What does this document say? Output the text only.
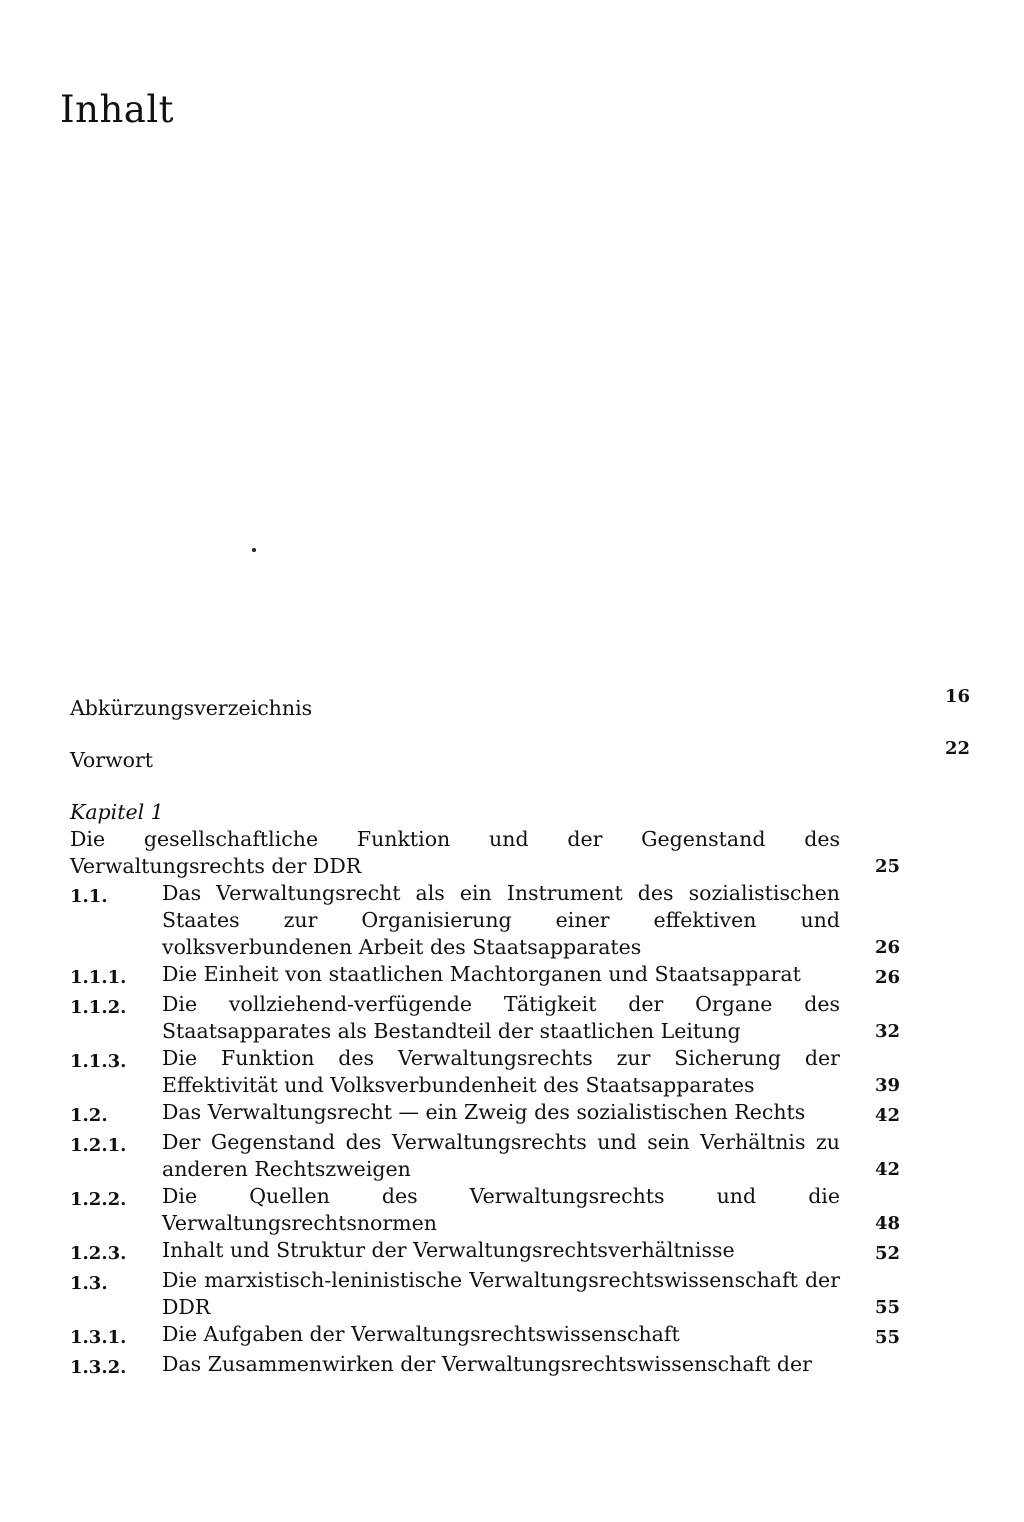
Inhalt
Abkürzungsverzeichnis	16
Vorwort	22
Kapitel 1
Die gesellschaftliche Funktion und der Gegenstand des Verwaltungsrechts der DDR	25
1.1.	Das Verwaltungsrecht als ein Instrument des sozialistischen Staates zur Organisierung einer effektiven und volksverbundenen Arbeit des Staatsapparates	26
1.1.1.	Die Einheit von staatlichen Machtorganen und Staatsapparat	26
1.1.2.	Die vollziehend-verfügende Tätigkeit der Organe des Staatsapparates als Bestandteil der staatlichen Leitung	32
1.1.3.	Die Funktion des Verwaltungsrechts zur Sicherung der Effektivität und Volksverbundenheit des Staatsapparates	39
1.2.	Das Verwaltungsrecht — ein Zweig des sozialistischen Rechts	42
1.2.1.	Der Gegenstand des Verwaltungsrechts und sein Verhältnis zu anderen Rechtszweigen	42
1.2.2.	Die Quellen des Verwaltungsrechts und die Verwaltungsrechtsnormen	48
1.2.3.	Inhalt und Struktur der Verwaltungsrechtsverhältnisse	52
1.3.	Die marxistisch-leninistische Verwaltungsrechtswissenschaft der DDR	55
1.3.1.	Die Aufgaben der Verwaltungsrechtswissenschaft	55
1.3.2.	Das Zusammenwirken der Verwaltungsrechtswissenschaft der
